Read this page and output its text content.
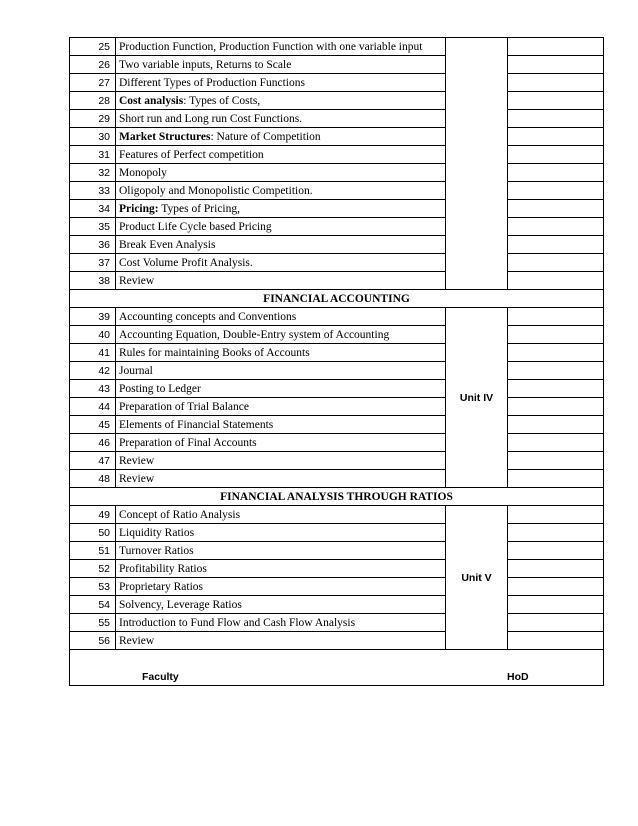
25	Production Function, Production Function with one variable input		
26	Two variable inputs, Returns to Scale		
27	Different Types of Production Functions		
28	Cost analysis: Types of Costs,		
29	Short run and Long run Cost Functions.		
30	Market Structures: Nature of Competition		
31	Features of Perfect competition		
32	Monopoly		
33	Oligopoly and Monopolistic Competition.		
34	Pricing: Types of Pricing,		
35	Product Life Cycle based Pricing		
36	Break Even Analysis		
37	Cost Volume Profit Analysis.		
38	Review		
FINANCIAL ACCOUNTING			
39	Accounting concepts and Conventions	Unit IV	
40	Accounting Equation, Double-Entry system of Accounting		
41	Rules for maintaining Books of Accounts		
42	Journal		
43	Posting to Ledger		
44	Preparation of Trial Balance		
45	Elements of Financial Statements		
46	Preparation of Final Accounts		
47	Review		
48	Review		
FINANCIAL ANALYSIS THROUGH RATIOS			
49	Concept of Ratio Analysis	Unit V	
50	Liquidity Ratios		
51	Turnover Ratios		
52	Profitability Ratios		
53	Proprietary Ratios		
54	Solvency, Leverage Ratios		
55	Introduction to Fund Flow and Cash Flow Analysis		
56	Review		

Faculty HoD			
